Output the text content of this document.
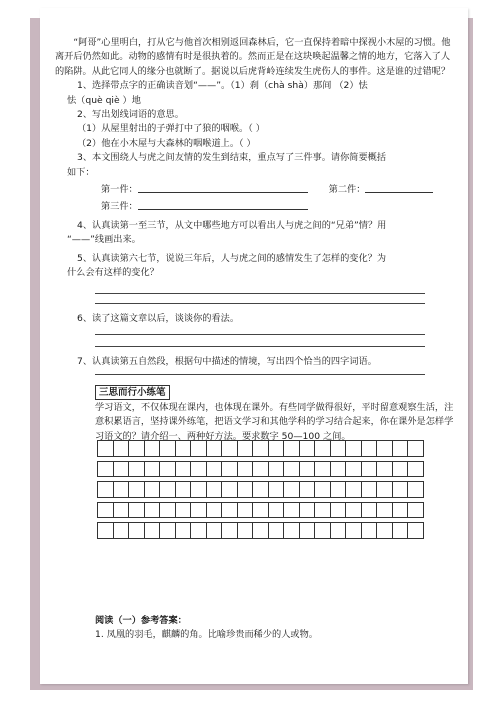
“阿哥”心里明白，打从它与他首次相别返回森林后，它一直保持着暗中探视小木屋的习惯。他离开后仍然如此。动物的感情有时是很执着的。然而正是在这块唤起温馨之情的地方，它落入了人的陷阱。从此它同人的缘分也就断了。据说以后虎背岭连续发生虎伤人的事件。这是谁的过错呢？

1、选择带点字的正确读音划“——”。（1）刹（chà shà）那间 （2）怯

怯（què qiè ）地

2、写出划线词语的意思。

（1）从屋里射出的子弹打中了狼的咽喉。（ ）

（2）他在小木屋与大森林的咽喉道上。（ ）

3、本文围绕人与虎之间友情的发生到结束，重点写了三件事。请你简要概括

如下：

第一件：	第二件：

第三件：

4、认真读第一至三节，从文中哪些地方可以看出人与虎之间的“兄弟”情？用

“——”线画出来。

5、认真读第六七节，说说三年后，人与虎之间的感情发生了怎样的变化？为

什么会有这样的变化？

6、读了这篇文章以后，谈谈你的看法。

7、认真读第五自然段，根据句中描述的情境，写出四个恰当的四字词语。

三思而行小练笔

学习语文，不仅体现在课内，也体现在课外。有些同学做得很好，平时留意观察生活，注意积累语言，坚持课外练笔，把语文学习和其他学科的学习结合起来，你在课外是怎样学习语文的？请介绍一、两种好方法。要求数字 50—100 之间。

阅读（一）参考答案：
1. 凤凰的羽毛，麒麟的角。比喻珍贵而稀少的人或物。
